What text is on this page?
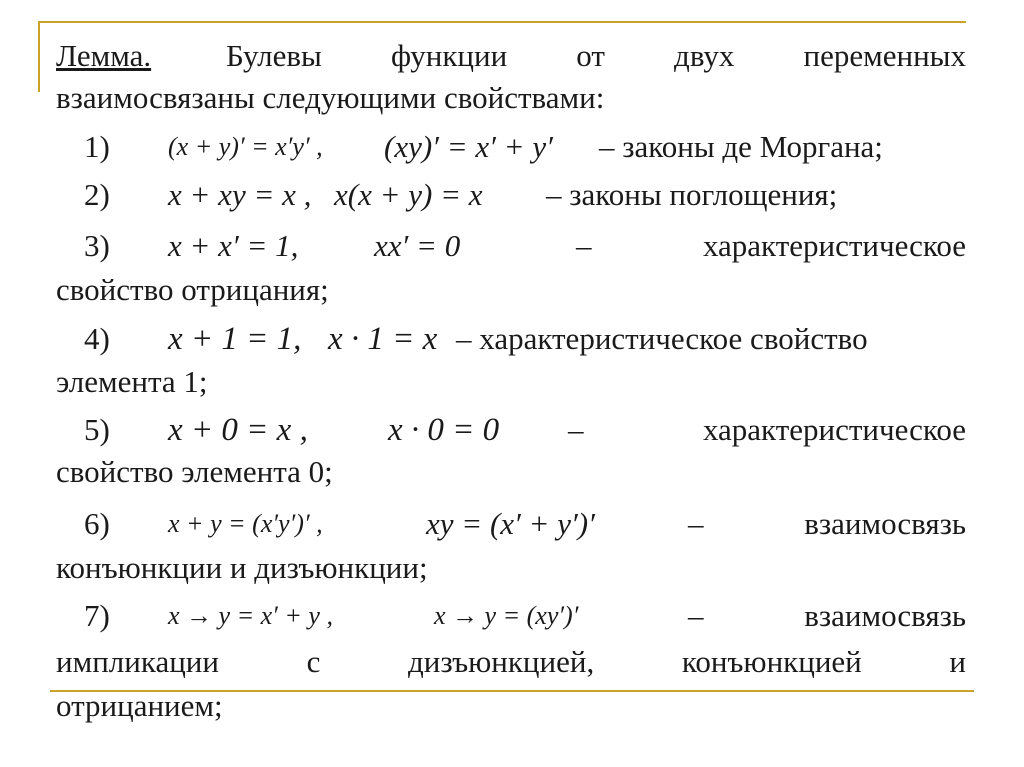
Лемма. Булевы функции от двух переменных
взаимосвязаны следующими свойствами:
1) (x + y)′ = x′y′ , (xy)′ = x′ + y′ – законы де Моргана;
2) x + xy = x , x(x + y) = x – законы поглощения;
3) x + x′ = 1, xx′ = 0	–	характеристическое
свойство отрицания;
4) x + 1 = 1, x · 1 = x – характеристическое свойство
элемента 1;
5) x + 0 = x , x · 0 = 0 –	характеристическое
свойство элемента 0;
6) x + y = (x′y′)′ ,	xy = (x′ + y′)′	–	взаимосвязь
конъюнкции и дизъюнкции;
7) x → y = x′ + y ,	x → y = (xy′)′	–	взаимосвязь
импликации	с	дизъюнкцией,	конъюнкцией	и
отрицанием;
